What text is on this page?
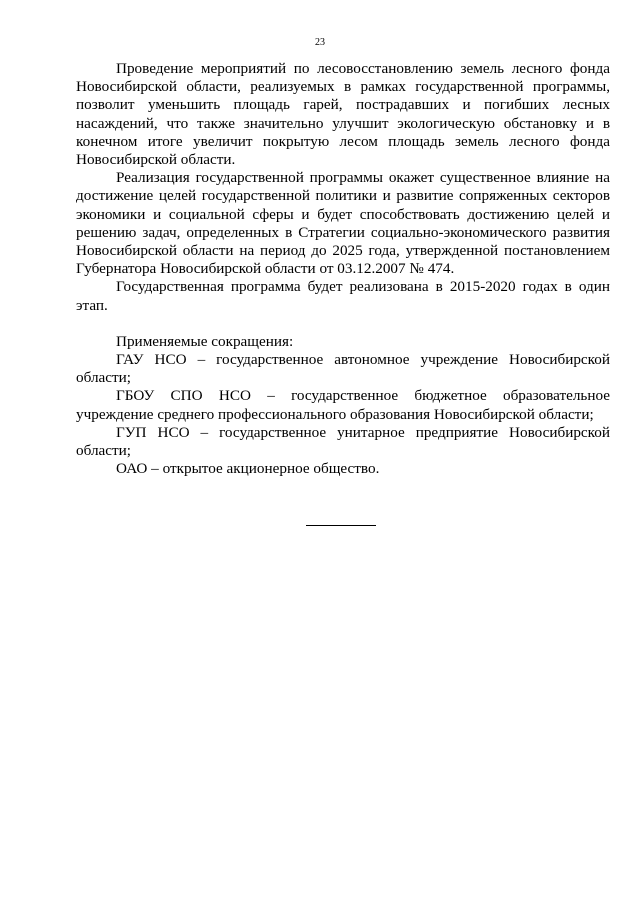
23

Проведение мероприятий по лесовосстановлению земель лесного фонда Новосибирской области, реализуемых в рамках государственной программы, позволит уменьшить площадь гарей, пострадавших и погибших лесных насаждений, что также значительно улучшит экологическую обстановку и в конечном итоге увеличит покрытую лесом площадь земель лесного фонда Новосибирской области.

Реализация государственной программы окажет существенное влияние на достижение целей государственной политики и развитие сопряженных секторов экономики и социальной сферы и будет способствовать достижению целей и решению задач, определенных в Стратегии социально-экономического развития Новосибирской области на период до 2025 года, утвержденной постановлением Губернатора Новосибирской области от 03.12.2007 № 474.

Государственная программа будет реализована в 2015-2020 годах в один этап.

Применяемые сокращения:

ГАУ НСО – государственное автономное учреждение Новосибирской области;

ГБОУ СПО НСО – государственное бюджетное образовательное учреждение среднего профессионального образования Новосибирской области;

ГУП НСО – государственное унитарное предприятие Новосибирской области;

ОАО – открытое акционерное общество.
